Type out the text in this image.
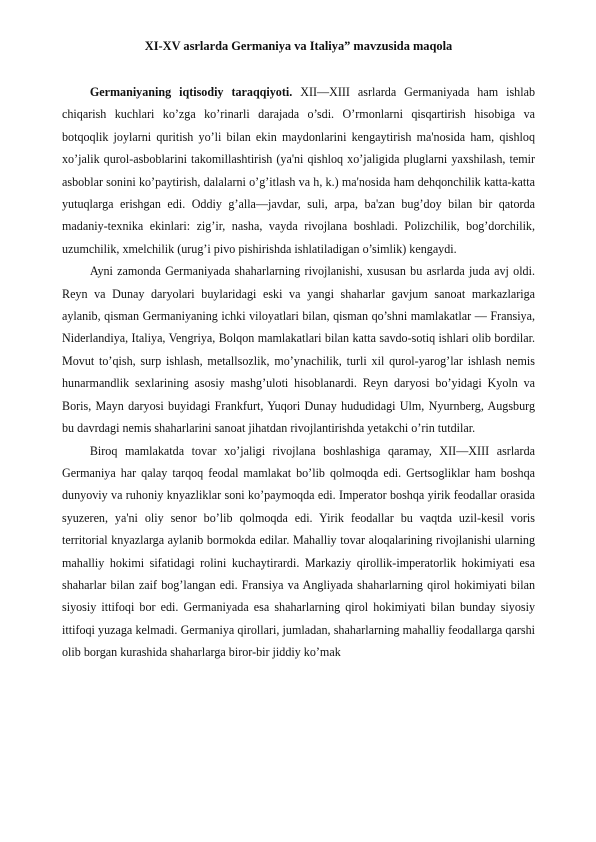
XI-XV asrlarda Germaniya va Italiya” mavzusida maqola

Germaniyaning iqtisodiy taraqqiyoti. XII—XIII asrlarda Germaniyada ham ishlab chiqarish kuchlari ko’zga ko’rinarli darajada o’sdi. O’rmonlarni qisqartirish hisobiga va botqoqlik joylarni quritish yo’li bilan ekin maydonlarini kengaytirish ma'nosida ham, qishloq xo’jalik qurol-asboblarini takomillashtirish (ya'ni qishloq xo’jaligida pluglarni yaxshilash, temir asboblar sonini ko’paytirish, dalalarni o’g’itlash va h, k.) ma'nosida ham dehqonchilik katta-katta yutuqlarga erishgan edi. Oddiy g’alla—javdar, suli, arpa, ba'zan bug’doy bilan bir qatorda madaniy-texnika ekinlari: zig’ir, nasha, vayda rivojlana boshladi. Polizchilik, bog’dorchilik, uzumchilik, xmelchilik (urug’i pivo pishirishda ishlatiladigan o’simlik) kengaydi.

Ayni zamonda Germaniyada shaharlarning rivojlanishi, xususan bu asrlarda juda avj oldi. Reyn va Dunay daryolari buylaridagi eski va yangi shaharlar gavjum sanoat markazlariga aylanib, qisman Germaniyaning ichki viloyatlari bilan, qisman qo’shni mamlakatlar — Fransiya, Niderlandiya, Italiya, Vengriya, Bolqon mamlakatlari bilan katta savdo-sotiq ishlari olib bordilar. Movut to’qish, surp ishlash, metallsozlik, mo’ynachilik, turli xil qurol-yarog’lar ishlash nemis hunarmandlik sexlarining asosiy mashg’uloti hisoblanardi. Reyn daryosi bo’yidagi Kyoln va Boris, Mayn daryosi buyidagi Frankfurt, Yuqori Dunay hududidagi Ulm, Nyurnberg, Augsburg bu davrdagi nemis shaharlarini sanoat jihatdan rivojlantirishda yetakchi o’rin tutdilar.

Biroq mamlakatda tovar xo’jaligi rivojlana boshlashiga qaramay, XII—XIII asrlarda Germaniya har qalay tarqoq feodal mamlakat bo’lib qolmoqda edi. Gertsogliklar ham boshqa dunyoviy va ruhoniy knyazliklar soni ko’paymoqda edi. Imperator boshqa yirik feodallar orasida syuzeren, ya'ni oliy senor bo’lib qolmoqda edi. Yirik feodallar bu vaqtda uzil-kesil voris territorial knyazlarga aylanib bormokda edilar. Mahalliy tovar aloqalarining rivojlanishi ularning mahalliy hokimi sifatidagi rolini kuchaytirardi. Markaziy qirollik-imperatorlik hokimiyati esa shaharlar bilan zaif bog’langan edi. Fransiya va Angliyada shaharlarning qirol hokimiyati bilan siyosiy ittifoqi bor edi. Germaniyada esa shaharlarning qirol hokimiyati bilan bunday siyosiy ittifoqi yuzaga kelmadi. Germaniya qirollari, jumladan, shaharlarning mahalliy feodallarga qarshi olib borgan kurashida shaharlarga biror-bir jiddiy ko’mak
